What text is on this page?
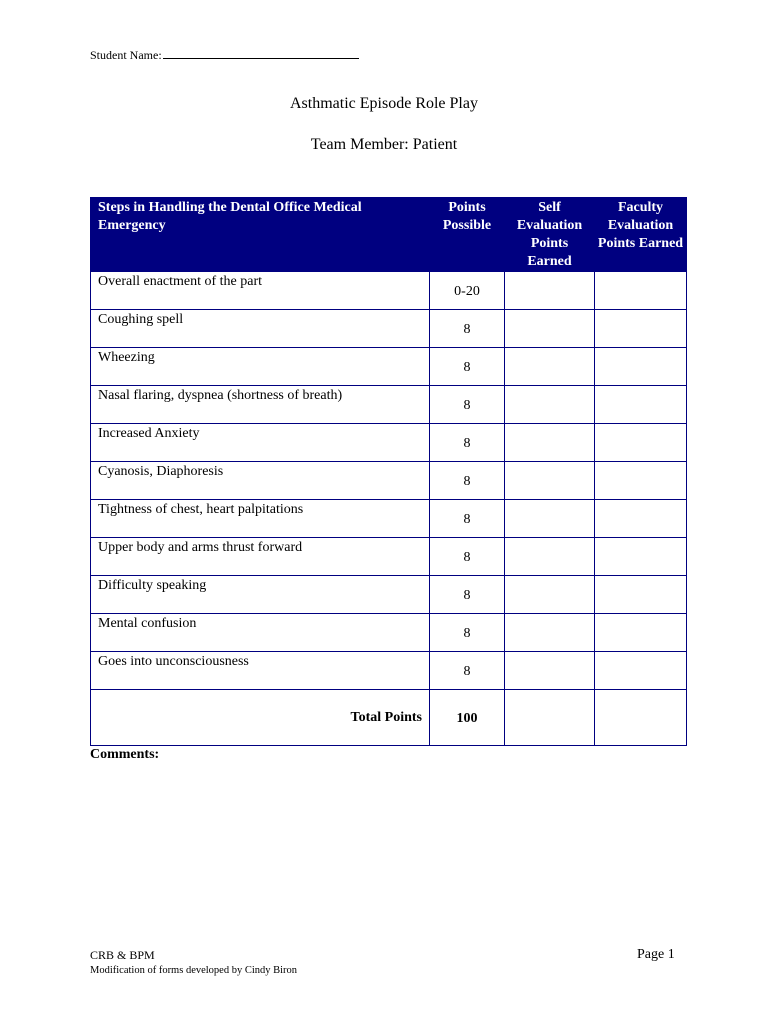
Student Name:
Asthmatic Episode Role Play
Team Member: Patient
Steps in Handling the Dental Office Medical Emergency	Points Possible	Self Evaluation Points Earned	Faculty Evaluation Points Earned
Overall enactment of the part	0-20		
Coughing spell	8		
Wheezing	8		
Nasal flaring, dyspnea (shortness of breath)	8		
Increased Anxiety	8		
Cyanosis, Diaphoresis	8		
Tightness of chest, heart palpitations	8		
Upper body and arms thrust forward	8		
Difficulty speaking	8		
Mental confusion	8		
Goes into unconsciousness	8		
Total Points	100		
Comments:
CRB & BPM
Modification of forms developed by Cindy Biron
Page 1
